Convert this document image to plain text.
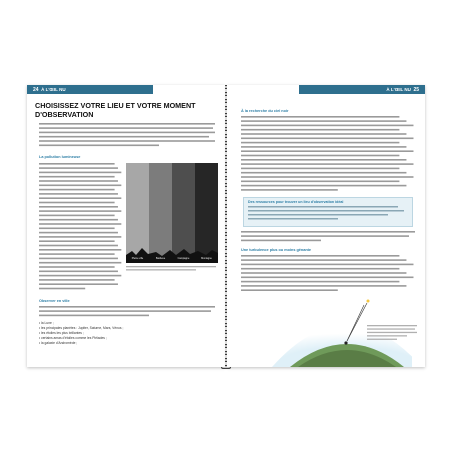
24 À L'ŒIL NU
CHOISISSEZ VOTRE LIEU ET VOTRE MOMENT D'OBSERVATION
La pollution lumineuse
Pleine ville	Banlieue	Campagne	Montagne
Observer en ville
• la Lune ;
• les principales planètes : Jupiter, Saturne, Mars, Vénus ;
• les étoiles les plus brillantes ;
• certains amas d'étoiles comme les Pléiades ;
• la galaxie d'Andromède ;
À L'ŒIL NU 25
À la recherche du ciel noir
Des ressources pour trouver un lieu d'observation idéal
Une turbulence plus ou moins gênante
